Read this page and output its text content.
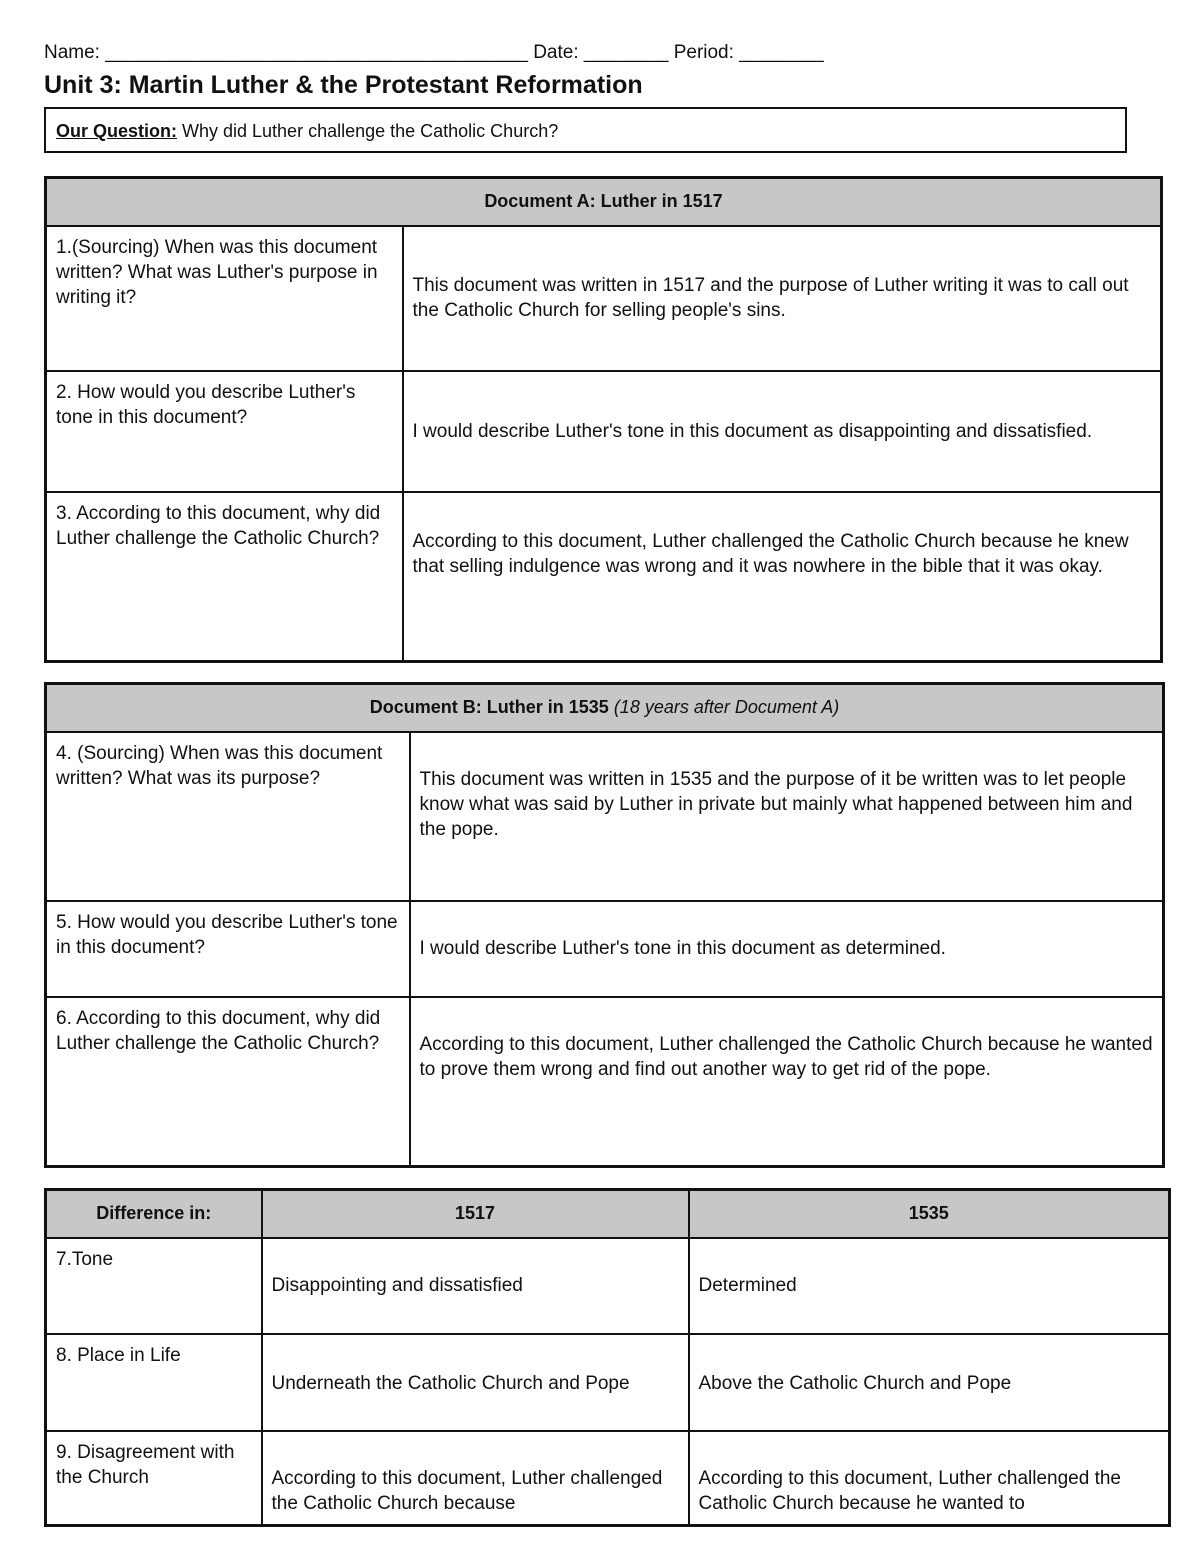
Name: ________________________________________ Date: ________ Period: ________
Unit 3: Martin Luther & the Protestant Reformation
Our Question: Why did Luther challenge the Catholic Church?
Document A: Luther in 1517	
1.(Sourcing) When was this document written? What was Luther's purpose in writing it?	This document was written in 1517 and the purpose of Luther writing it was to call out the Catholic Church for selling people's sins.

2. How would you describe Luther's tone in this document?	I would describe Luther's tone in this document as disappointing and dissatisfied.

3. According to this document, why did Luther challenge the Catholic Church?	According to this document, Luther challenged the Catholic Church because he knew that selling indulgence was wrong and it was nowhere in the bible that it was okay.
Document B: Luther in 1535 (18 years after Document A)	
4. (Sourcing) When was this document written? What was its purpose?	This document was written in 1535 and the purpose of it be written was to let people know what was said by Luther in private but mainly what happened between him and the pope.
5. How would you describe Luther's tone in this document?	I would describe Luther's tone in this document as determined.

6. According to this document, why did Luther challenge the Catholic Church?	According to this document, Luther challenged the Catholic Church because he wanted to prove them wrong and find out another way to get rid of the pope.
Difference in:	1517	1535
7.Tone	Disappointing and dissatisfied	Determined
8. Place in Life	Underneath the Catholic Church and Pope	Above the Catholic Church and Pope
9. Disagreement with the Church	According to this document, Luther challenged the Catholic Church because	According to this document, Luther challenged the Catholic Church because he wanted to
